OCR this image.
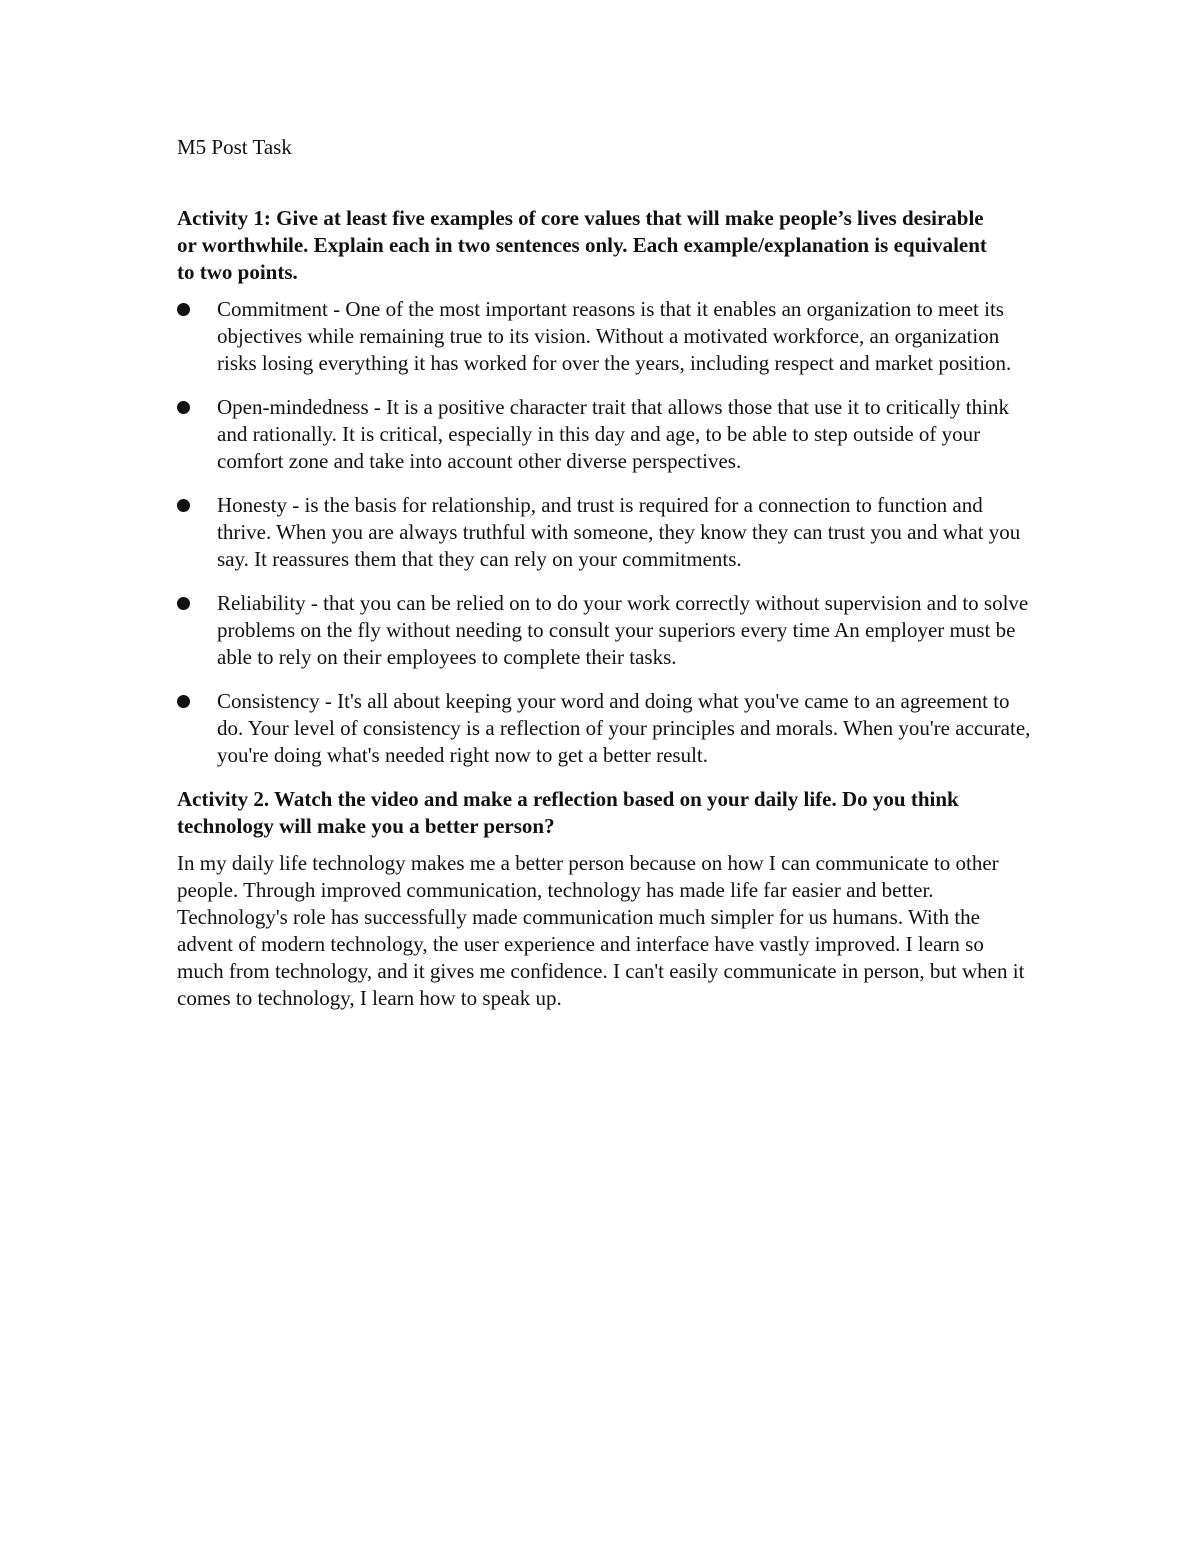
M5 Post Task

Activity 1: Give at least five examples of core values that will make people’s lives desirable or worthwhile. Explain each in two sentences only. Each example/explanation is equivalent to two points.

Commitment - One of the most important reasons is that it enables an organization to meet its objectives while remaining true to its vision. Without a motivated workforce, an organization risks losing everything it has worked for over the years, including respect and market position.
Open-mindedness - It is a positive character trait that allows those that use it to critically think and rationally. It is critical, especially in this day and age, to be able to step outside of your comfort zone and take into account other diverse perspectives.
Honesty - is the basis for relationship, and trust is required for a connection to function and thrive. When you are always truthful with someone, they know they can trust you and what you say. It reassures them that they can rely on your commitments.
Reliability - that you can be relied on to do your work correctly without supervision and to solve problems on the fly without needing to consult your superiors every time An employer must be able to rely on their employees to complete their tasks.
Consistency - It's all about keeping your word and doing what you've came to an agreement to do. Your level of consistency is a reflection of your principles and morals. When you're accurate, you're doing what's needed right now to get a better result.

Activity 2. Watch the video and make a reflection based on your daily life. Do you think technology will make you a better person?

In my daily life technology makes me a better person because on how I can communicate to other people. Through improved communication, technology has made life far easier and better. Technology's role has successfully made communication much simpler for us humans. With the advent of modern technology, the user experience and interface have vastly improved. I learn so much from technology, and it gives me confidence. I can't easily communicate in person, but when it comes to technology, I learn how to speak up.
